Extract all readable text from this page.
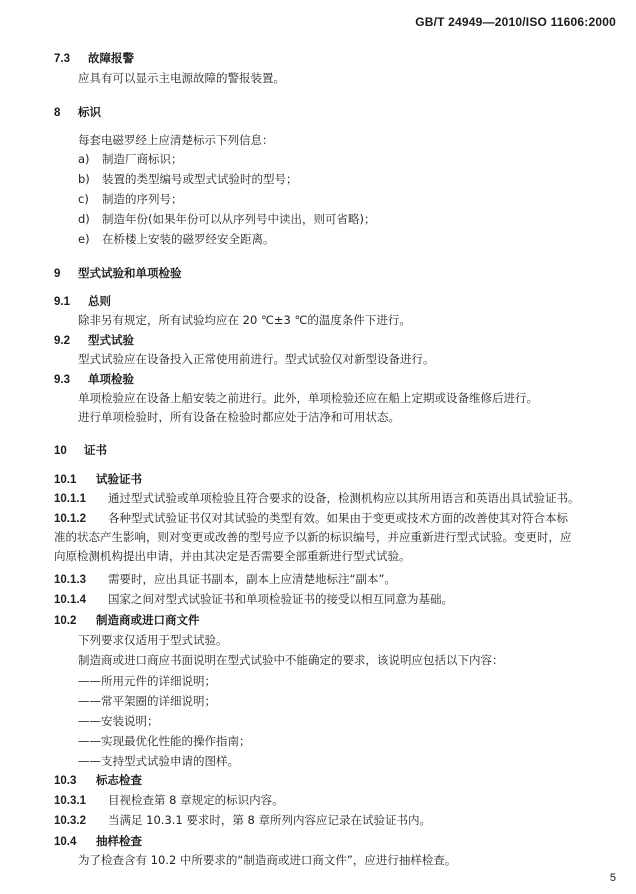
GB/T 24949—2010/ISO 11606:2000
7.3 故障报警
应具有可以显示主电源故障的警报装置。
8 标识
每套电磁罗经上应清楚标示下列信息：
a) 制造厂商标识；
b) 装置的类型编号或型式试验时的型号；
c) 制造的序列号；
d) 制造年份(如果年份可以从序列号中读出，则可省略)；
e) 在桥楼上安装的磁罗经安全距离。
9 型式试验和单项检验
9.1 总则
除非另有规定，所有试验均应在 20 ℃±3 ℃的温度条件下进行。
9.2 型式试验
型式试验应在设备投入正常使用前进行。型式试验仅对新型设备进行。
9.3 单项检验
单项检验应在设备上船安装之前进行。此外，单项检验还应在船上定期或设备维修后进行。
进行单项检验时，所有设备在检验时都应处于洁净和可用状态。
10 证书
10.1 试验证书
10.1.1 通过型式试验或单项检验且符合要求的设备，检测机构应以其所用语言和英语出具试验证书。
10.1.2 各种型式试验证书仅对其试验的类型有效。如果由于变更或技术方面的改善使其对符合本标
准的状态产生影响，则对变更或改善的型号应予以新的标识编号，并应重新进行型式试验。变更时，应
向原检测机构提出申请，并由其决定是否需要全部重新进行型式试验。
10.1.3 需要时，应出具证书副本，副本上应清楚地标注“副本”。
10.1.4 国家之间对型式试验证书和单项检验证书的接受以相互同意为基础。
10.2 制造商或进口商文件
下列要求仅适用于型式试验。
制造商或进口商应书面说明在型式试验中不能确定的要求，该说明应包括以下内容：
——所用元件的详细说明；
——常平架圈的详细说明；
——安装说明；
——实现最优化性能的操作指南；
——支持型式试验申请的图样。
10.3 标志检查
10.3.1 目视检查第 8 章规定的标识内容。
10.3.2 当满足 10.3.1 要求时，第 8 章所列内容应记录在试验证书内。
10.4 抽样检查
为了检查含有 10.2 中所要求的“制造商或进口商文件”，应进行抽样检查。
5
